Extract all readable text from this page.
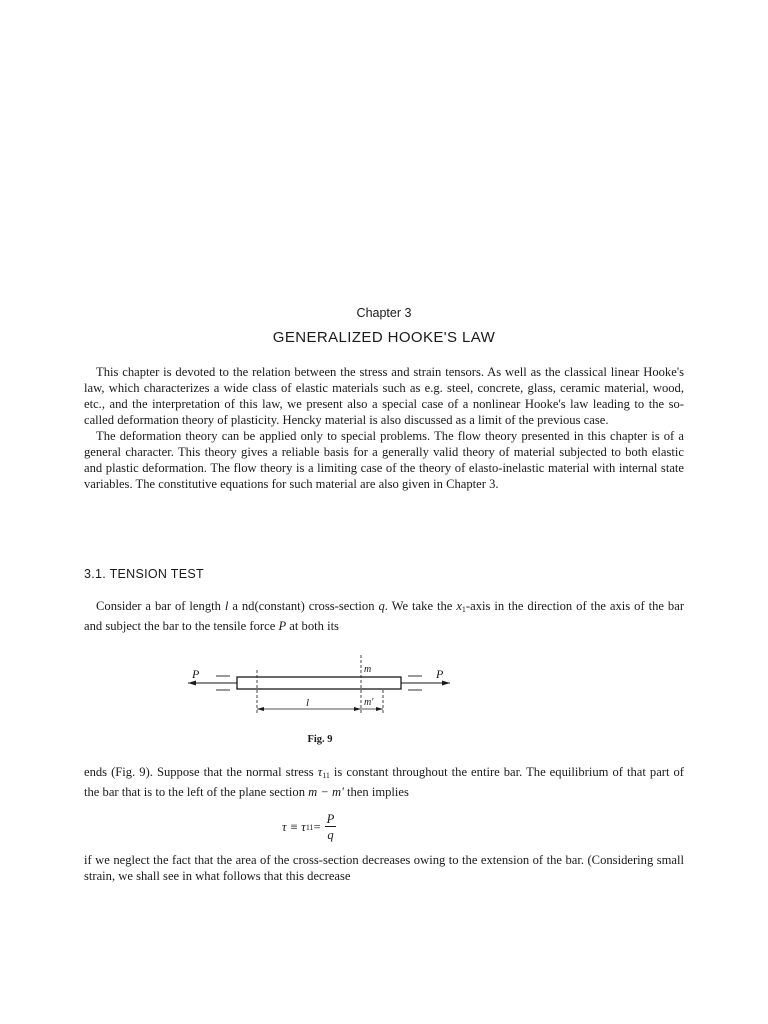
Chapter 3
GENERALIZED HOOKE'S LAW

This chapter is devoted to the relation between the stress and strain tensors. As well as the classical linear Hooke's law, which characterizes a wide class of elastic materials such as e.g. steel, concrete, glass, ceramic material, wood, etc., and the interpretation of this law, we present also a special case of a nonlinear Hooke's law leading to the so-called deformation theory of plasticity. Hencky material is also discussed as a limit of the previous case.

The deformation theory can be applied only to special problems. The flow theory presented in this chapter is of a general character. This theory gives a reliable basis for a generally valid theory of material subjected to both elastic and plastic deformation. The flow theory is a limiting case of the theory of elasto-inelastic material with internal state variables. The constitutive equations for such material are also given in Chapter 3.

3.1. TENSION TEST

Consider a bar of length l a nd(constant) cross-section q. We take the $x_1$-axis in the direction of the axis of the bar and subject the bar to the tensile force P at both its

P	P
m
m'
l
Fig. 9

ends (Fig. 9). Suppose that the normal stress $\tau_{11}$ is constant throughout the entire bar. The equilibrium of that part of the bar that is to the left of the plane section m − m' then implies

τ ≡ τ $11 = \frac{P}{q}$

if we neglect the fact that the area of the cross-section decreases owing to the extension of the bar. (Considering small strain, we shall see in what follows that this decrease
